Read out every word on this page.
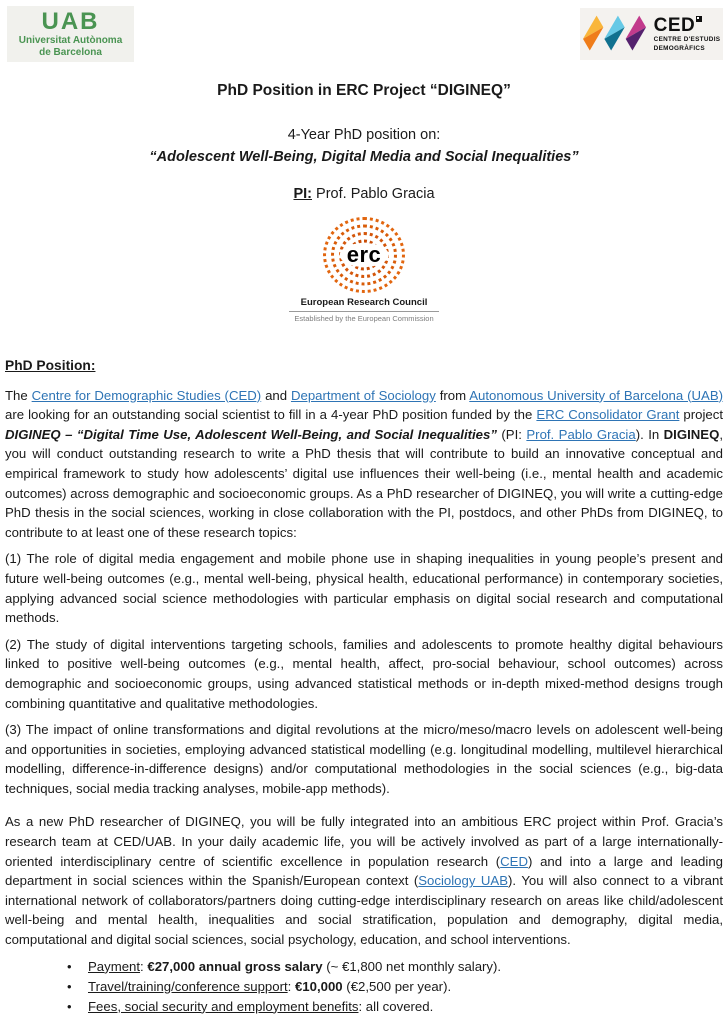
UAB
Universitat Autònoma
de Barcelona
CED
CENTRE D'ESTUDIS
DEMOGRÀFICS
PhD Position in ERC Project “DIGINEQ”
4-Year PhD position on:
“Adolescent Well-Being, Digital Media and Social Inequalities”
PI: Prof. Pablo Gracia
erc
European Research Council
Established by the European Commission
PhD Position:

The Centre for Demographic Studies (CED) and Department of Sociology from Autonomous University of Barcelona (UAB) are looking for an outstanding social scientist to fill in a 4-year PhD position funded by the ERC Consolidator Grant project DIGINEQ – “Digital Time Use, Adolescent Well-Being, and Social Inequalities” (PI: Prof. Pablo Gracia). In DIGINEQ, you will conduct outstanding research to write a PhD thesis that will contribute to build an innovative conceptual and empirical framework to study how adolescents’ digital use influences their well-being (i.e., mental health and academic outcomes) across demographic and socioeconomic groups. As a PhD researcher of DIGINEQ, you will write a cutting-edge PhD thesis in the social sciences, working in close collaboration with the PI, postdocs, and other PhDs from DIGINEQ, to contribute to at least one of these research topics:

(1) The role of digital media engagement and mobile phone use in shaping inequalities in young people’s present and future well-being outcomes (e.g., mental well-being, physical health, educational performance) in contemporary societies, applying advanced social science methodologies with particular emphasis on digital social research and computational methods.

(2) The study of digital interventions targeting schools, families and adolescents to promote healthy digital behaviours linked to positive well-being outcomes (e.g., mental health, affect, pro-social behaviour, school outcomes) across demographic and socioeconomic groups, using advanced statistical methods or in-depth mixed-method designs trough combining quantitative and qualitative methodologies.

(3) The impact of online transformations and digital revolutions at the micro/meso/macro levels on adolescent well-being and opportunities in societies, employing advanced statistical modelling (e.g. longitudinal modelling, multilevel hierarchical modelling, difference-in-difference designs) and/or computational methodologies in the social sciences (e.g., big-data techniques, social media tracking analyses, mobile-app methods).

As a new PhD researcher of DIGINEQ, you will be fully integrated into an ambitious ERC project within Prof. Gracia’s research team at CED/UAB. In your daily academic life, you will be actively involved as part of a large internationally-oriented interdisciplinary centre of scientific excellence in population research (CED) and into a large and leading department in social sciences within the Spanish/European context (Sociology UAB). You will also connect to a vibrant international network of collaborators/partners doing cutting-edge interdisciplinary research on areas like child/adolescent well-being and mental health, inequalities and social stratification, population and demography, digital media, computational and digital social sciences, social psychology, education, and school interventions.

• Payment: €27,000 annual gross salary (~ €1,800 net monthly salary).
• Travel/training/conference support: €10,000 (€2,500 per year).
• Fees, social security and employment benefits: all covered.
